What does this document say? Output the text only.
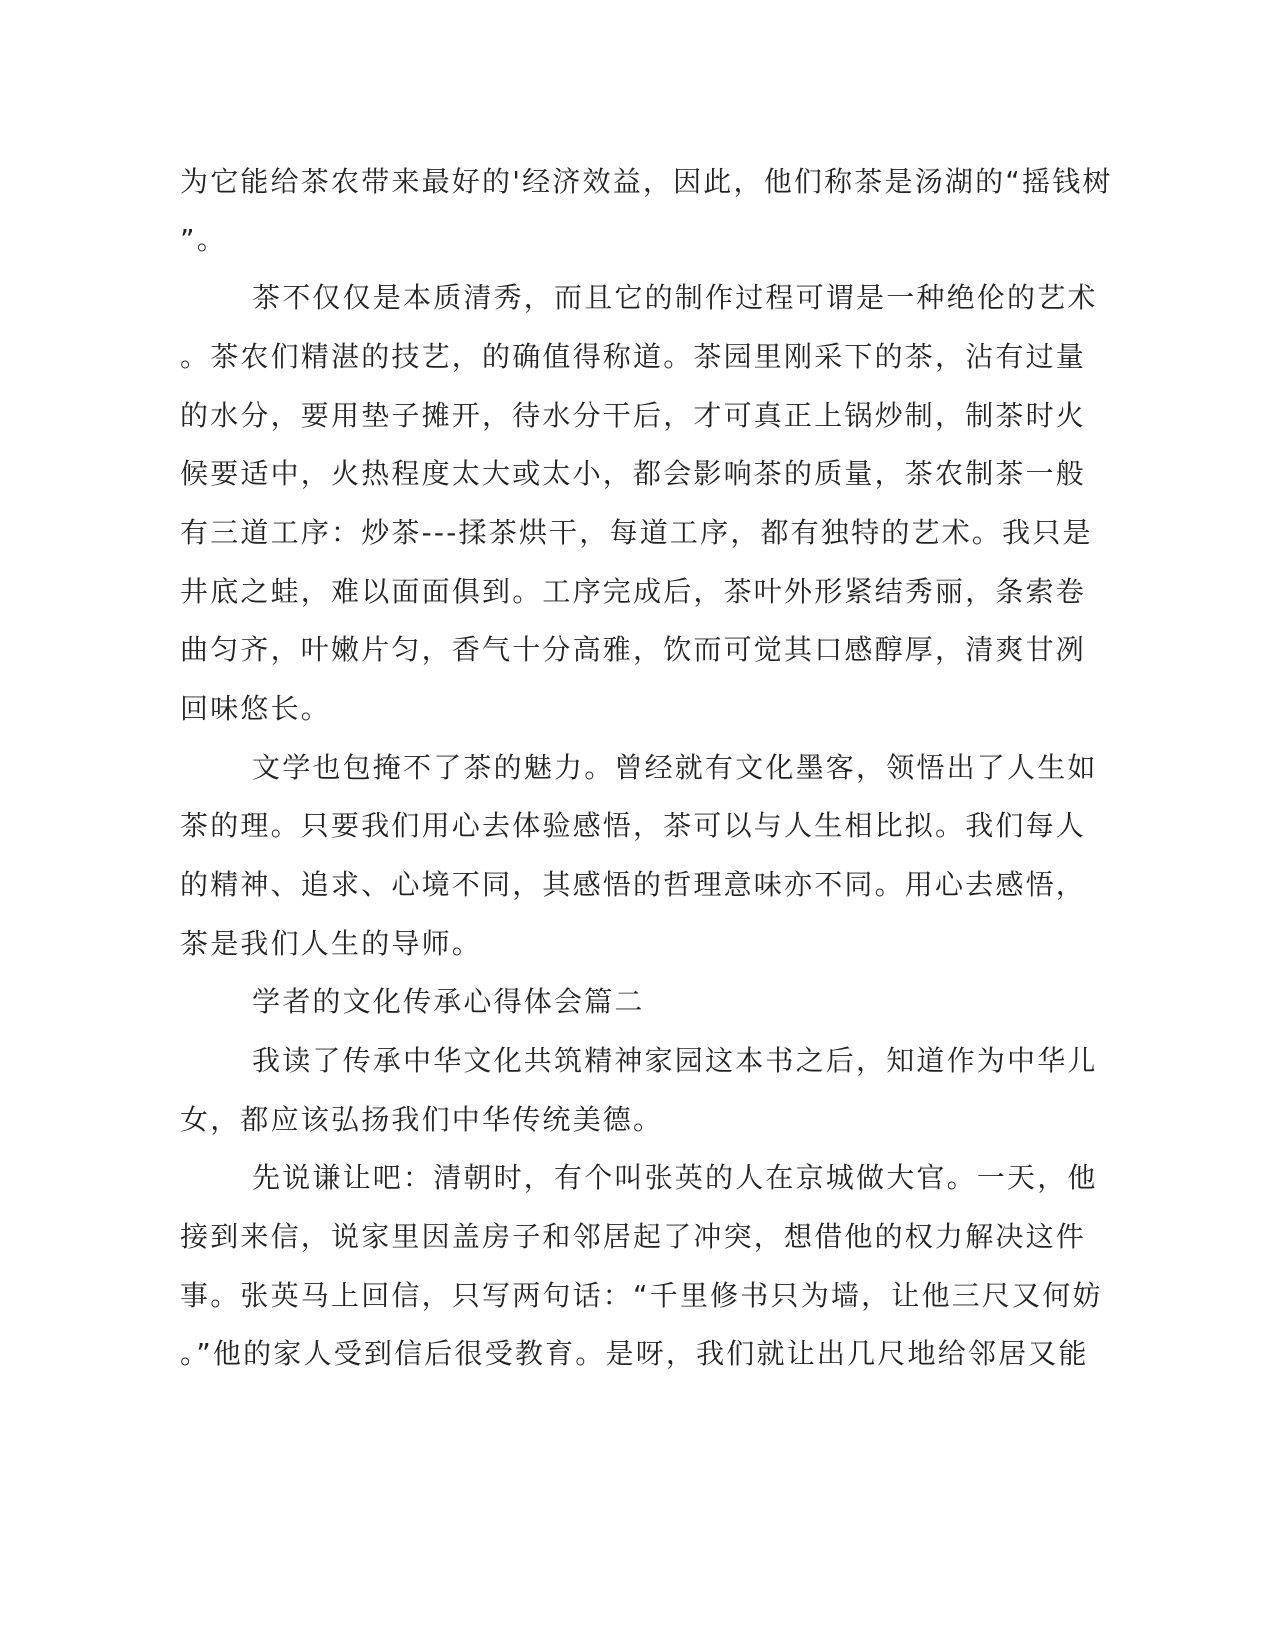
为它能给茶农带来最好的'经济效益，因此，他们称茶是汤湖的“摇钱树
”。
茶不仅仅是本质清秀，而且它的制作过程可谓是一种绝伦的艺术
。茶农们精湛的技艺，的确值得称道。茶园里刚采下的茶，沾有过量
的水分，要用垫子摊开，待水分干后，才可真正上锅炒制，制茶时火
候要适中，火热程度太大或太小，都会影响茶的质量，茶农制茶一般
有三道工序：炒茶---揉茶烘干，每道工序，都有独特的艺术。我只是
井底之蛙，难以面面俱到。工序完成后，茶叶外形紧结秀丽，条索卷
曲匀齐，叶嫩片匀，香气十分高雅，饮而可觉其口感醇厚，清爽甘冽
回味悠长。
文学也包掩不了茶的魅力。曾经就有文化墨客，领悟出了人生如
茶的理。只要我们用心去体验感悟，茶可以与人生相比拟。我们每人
的精神、追求、心境不同，其感悟的哲理意味亦不同。用心去感悟，
茶是我们人生的导师。
学者的文化传承心得体会篇二
我读了传承中华文化共筑精神家园这本书之后，知道作为中华儿
女，都应该弘扬我们中华传统美德。
先说谦让吧：清朝时，有个叫张英的人在京城做大官。一天，他
接到来信，说家里因盖房子和邻居起了冲突，想借他的权力解决这件
事。张英马上回信，只写两句话：“千里修书只为墙，让他三尺又何妨
。”他的家人受到信后很受教育。是呀，我们就让出几尺地给邻居又能
